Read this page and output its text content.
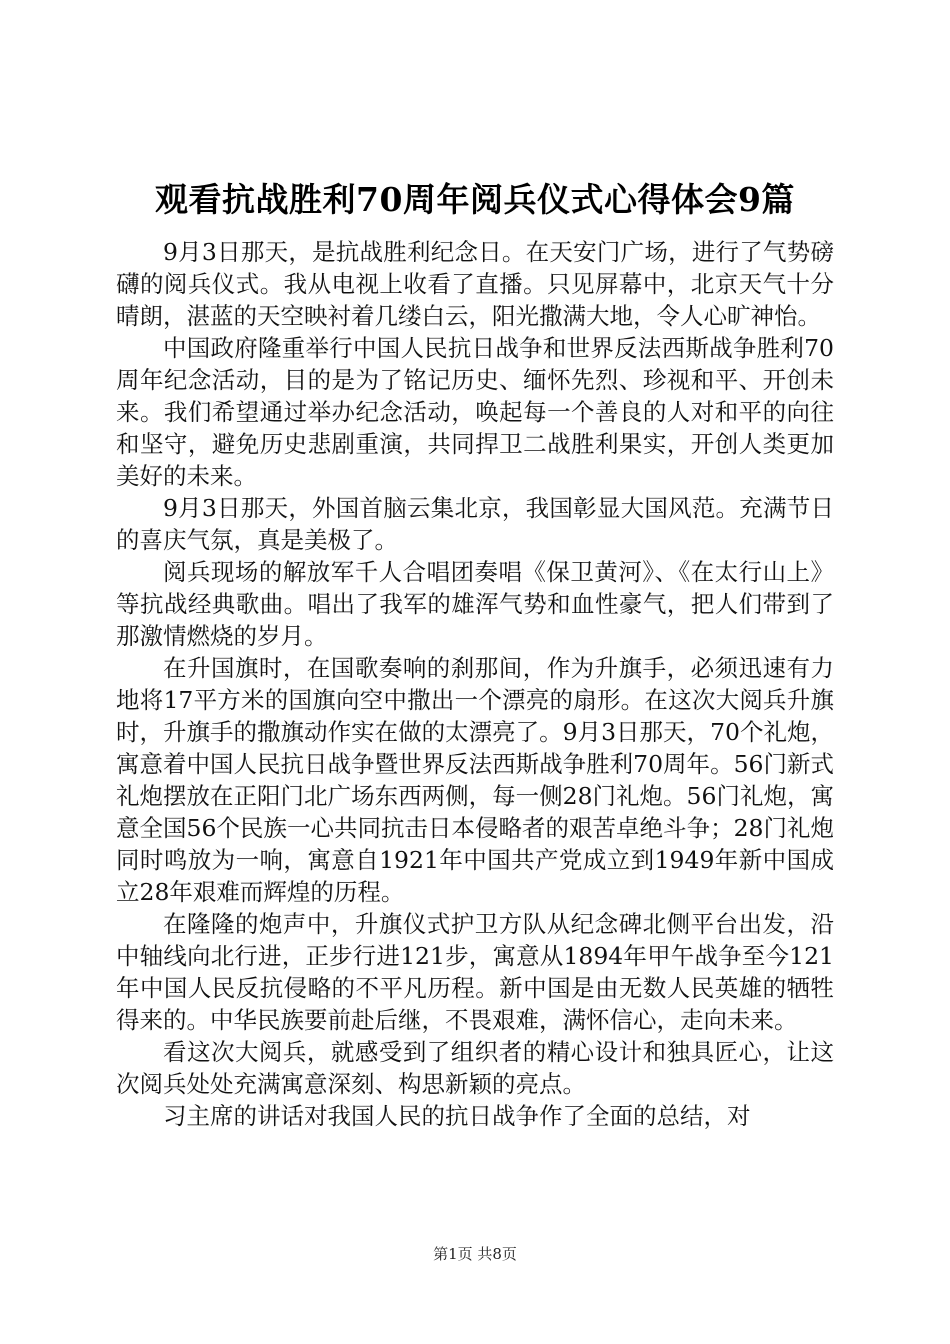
观看抗战胜利70周年阅兵仪式心得体会9篇

9月3日那天，是抗战胜利纪念日。在天安门广场，进行了气势磅礴的阅兵仪式。我从电视上收看了直播。只见屏幕中，北京天气十分晴朗，湛蓝的天空映衬着几缕白云，阳光撒满大地，令人心旷神怡。

中国政府隆重举行中国人民抗日战争和世界反法西斯战争胜利70周年纪念活动，目的是为了铭记历史、缅怀先烈、珍视和平、开创未来。我们希望通过举办纪念活动，唤起每一个善良的人对和平的向往和坚守，避免历史悲剧重演，共同捍卫二战胜利果实，开创人类更加美好的未来。

9月3日那天，外国首脑云集北京，我国彰显大国风范。充满节日的喜庆气氛，真是美极了。

阅兵现场的解放军千人合唱团奏唱《保卫黄河》、《在太行山上》等抗战经典歌曲。唱出了我军的雄浑气势和血性豪气，把人们带到了那激情燃烧的岁月。

在升国旗时，在国歌奏响的刹那间，作为升旗手，必须迅速有力地将17平方米的国旗向空中撒出一个漂亮的扇形。在这次大阅兵升旗时，升旗手的撒旗动作实在做的太漂亮了。9月3日那天，70个礼炮，寓意着中国人民抗日战争暨世界反法西斯战争胜利70周年。56门新式礼炮摆放在正阳门北广场东西两侧，每一侧28门礼炮。56门礼炮，寓意全国56个民族一心共同抗击日本侵略者的艰苦卓绝斗争；28门礼炮同时鸣放为一响，寓意自1921年中国共产党成立到1949年新中国成立28年艰难而辉煌的历程。

在隆隆的炮声中，升旗仪式护卫方队从纪念碑北侧平台出发，沿中轴线向北行进，正步行进121步，寓意从1894年甲午战争至今121年中国人民反抗侵略的不平凡历程。新中国是由无数人民英雄的牺牲得来的。中华民族要前赴后继，不畏艰难，满怀信心，走向未来。

看这次大阅兵，就感受到了组织者的精心设计和独具匠心，让这次阅兵处处充满寓意深刻、构思新颖的亮点。

习主席的讲话对我国人民的抗日战争作了全面的总结，对

第1页 共8页
